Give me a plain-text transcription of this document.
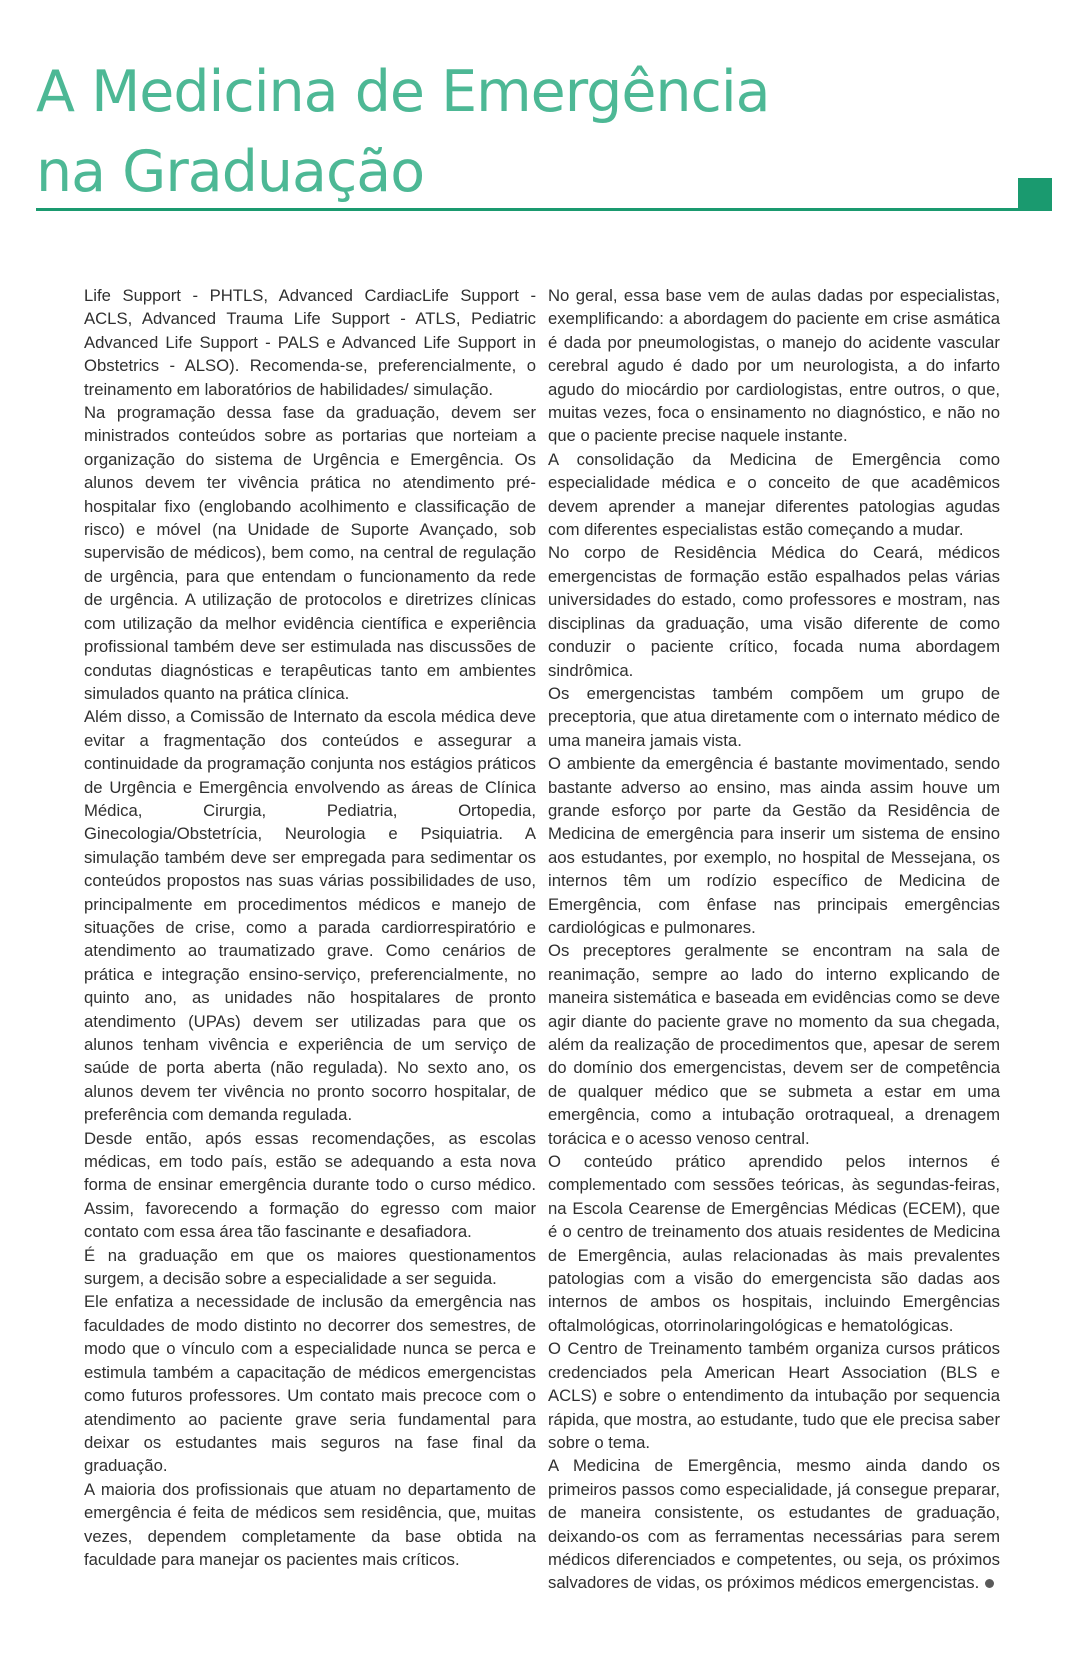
A Medicina de Emergência
na Graduação

Life Support - PHTLS, Advanced CardiacLife Support - ACLS, Advanced Trauma Life Support - ATLS, Pediatric Advanced Life Support - PALS e Advanced Life Support in Obstetrics - ALSO). Recomenda-se, preferencialmente, o treinamento em laboratórios de habilidades/ simulação.

Na programação dessa fase da graduação, devem ser ministrados conteúdos sobre as portarias que norteiam a organização do sistema de Urgência e Emergência. Os alunos devem ter vivência prática no atendimento pré-hospitalar fixo (englobando acolhimento e classificação de risco) e móvel (na Unidade de Suporte Avançado, sob supervisão de médicos), bem como, na central de regulação de urgência, para que entendam o funcionamento da rede de urgência. A utilização de protocolos e diretrizes clínicas com utilização da melhor evidência científica e experiência profissional também deve ser estimulada nas discussões de condutas diagnósticas e terapêuticas tanto em ambientes simulados quanto na prática clínica.

Além disso, a Comissão de Internato da escola médica deve evitar a fragmentação dos conteúdos e assegurar a continuidade da programação conjunta nos estágios práticos de Urgência e Emergência envolvendo as áreas de Clínica Médica, Cirurgia, Pediatria, Ortopedia, Ginecologia/Obstetrícia, Neurologia e Psiquiatria. A simulação também deve ser empregada para sedimentar os conteúdos propostos nas suas várias possibilidades de uso, principalmente em procedimentos médicos e manejo de situações de crise, como a parada cardiorrespiratório e atendimento ao traumatizado grave. Como cenários de prática e integração ensino-serviço, preferencialmente, no quinto ano, as unidades não hospitalares de pronto atendimento (UPAs) devem ser utilizadas para que os alunos tenham vivência e experiência de um serviço de saúde de porta aberta (não regulada). No sexto ano, os alunos devem ter vivência no pronto socorro hospitalar, de preferência com demanda regulada.

Desde então, após essas recomendações, as escolas médicas, em todo país, estão se adequando a esta nova forma de ensinar emergência durante todo o curso médico. Assim, favorecendo a formação do egresso com maior contato com essa área tão fascinante e desafiadora.

É na graduação em que os maiores questionamentos surgem, a decisão sobre a especialidade a ser seguida.

Ele enfatiza a necessidade de inclusão da emergência nas faculdades de modo distinto no decorrer dos semestres, de modo que o vínculo com a especialidade nunca se perca e estimula também a capacitação de médicos emergencistas como futuros professores. Um contato mais precoce com o atendimento ao paciente grave seria fundamental para deixar os estudantes mais seguros na fase final da graduação.

A maioria dos profissionais que atuam no departamento de emergência é feita de médicos sem residência, que, muitas vezes, dependem completamente da base obtida na faculdade para manejar os pacientes mais críticos.

No geral, essa base vem de aulas dadas por especialistas, exemplificando: a abordagem do paciente em crise asmática é dada por pneumologistas, o manejo do acidente vascular cerebral agudo é dado por um neurologista, a do infarto agudo do miocárdio por cardiologistas, entre outros, o que, muitas vezes, foca o ensinamento no diagnóstico, e não no que o paciente precise naquele instante.

A consolidação da Medicina de Emergência como especialidade médica e o conceito de que acadêmicos devem aprender a manejar diferentes patologias agudas com diferentes especialistas estão começando a mudar.

No corpo de Residência Médica do Ceará, médicos emergencistas de formação estão espalhados pelas várias universidades do estado, como professores e mostram, nas disciplinas da graduação, uma visão diferente de como conduzir o paciente crítico, focada numa abordagem sindrômica.

Os emergencistas também compõem um grupo de preceptoria, que atua diretamente com o internato médico de uma maneira jamais vista.

O ambiente da emergência é bastante movimentado, sendo bastante adverso ao ensino, mas ainda assim houve um grande esforço por parte da Gestão da Residência de Medicina de emergência para inserir um sistema de ensino aos estudantes, por exemplo, no hospital de Messejana, os internos têm um rodízio específico de Medicina de Emergência, com ênfase nas principais emergências cardiológicas e pulmonares.

Os preceptores geralmente se encontram na sala de reanimação, sempre ao lado do interno explicando de maneira sistemática e baseada em evidências como se deve agir diante do paciente grave no momento da sua chegada, além da realização de procedimentos que, apesar de serem do domínio dos emergencistas, devem ser de competência de qualquer médico que se submeta a estar em uma emergência, como a intubação orotraqueal, a drenagem torácica e o acesso venoso central.

O conteúdo prático aprendido pelos internos é complementado com sessões teóricas, às segundas-feiras, na Escola Cearense de Emergências Médicas (ECEM), que é o centro de treinamento dos atuais residentes de Medicina de Emergência, aulas relacionadas às mais prevalentes patologias com a visão do emergencista são dadas aos internos de ambos os hospitais, incluindo Emergências oftalmológicas, otorrinolaringológicas e hematológicas.

O Centro de Treinamento também organiza cursos práticos credenciados pela American Heart Association (BLS e ACLS) e sobre o entendimento da intubação por sequencia rápida, que mostra, ao estudante, tudo que ele precisa saber sobre o tema.

A Medicina de Emergência, mesmo ainda dando os primeiros passos como especialidade, já consegue preparar, de maneira consistente, os estudantes de graduação, deixando-os com as ferramentas necessárias para serem médicos diferenciados e competentes, ou seja, os próximos salvadores de vidas, os próximos médicos emergencistas.
